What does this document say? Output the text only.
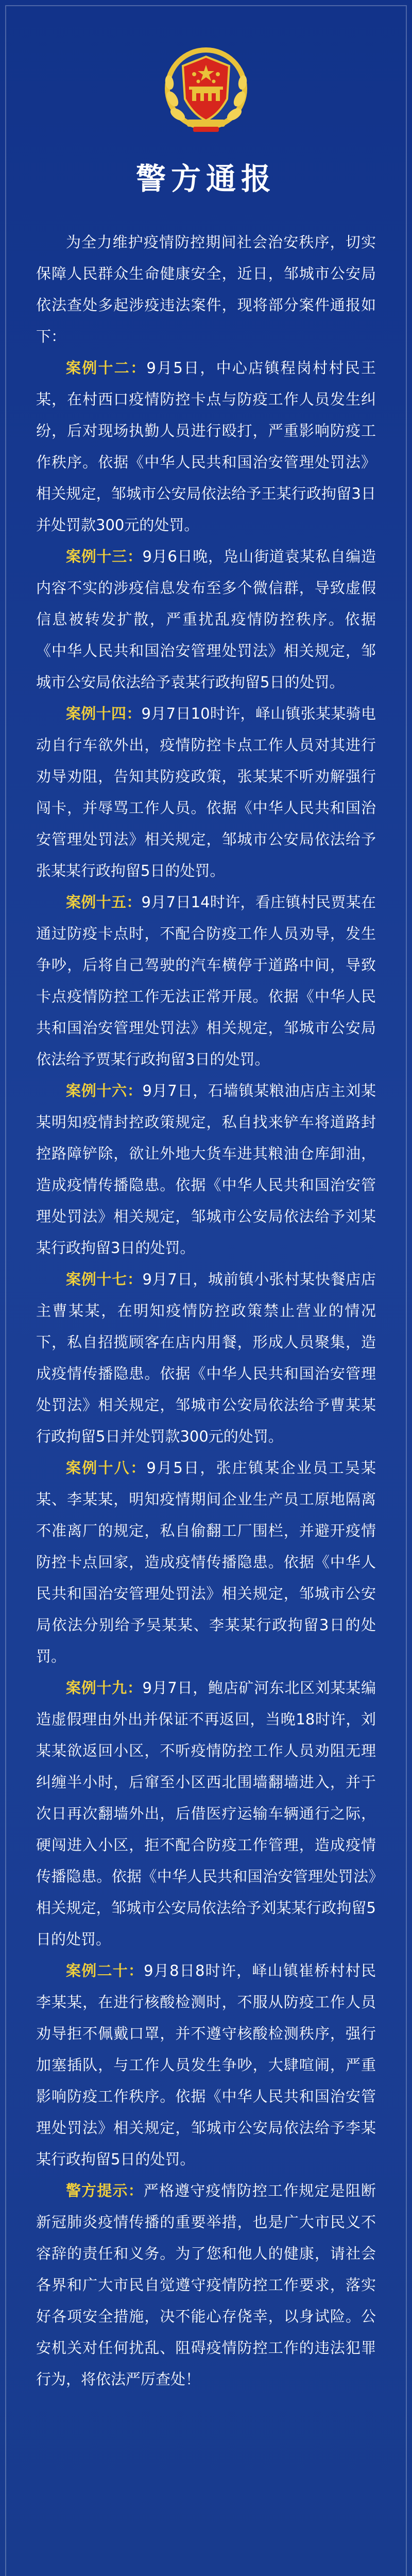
警方通报

为全力维护疫情防控期间社会治安秩序，切实保障人民群众生命健康安全，近日，邹城市公安局依法查处多起涉疫违法案件，现将部分案件通报如下：

案例十二：9月5日，中心店镇程岗村村民王某，在村西口疫情防控卡点与防疫工作人员发生纠纷，后对现场执勤人员进行殴打，严重影响防疫工作秩序。依据《中华人民共和国治安管理处罚法》相关规定，邹城市公安局依法给予王某行政拘留3日并处罚款300元的处罚。

案例十三：9月6日晚，凫山街道袁某私自编造内容不实的涉疫信息发布至多个微信群，导致虚假信息被转发扩散，严重扰乱疫情防控秩序。依据《中华人民共和国治安管理处罚法》相关规定，邹城市公安局依法给予袁某行政拘留5日的处罚。

案例十四：9月7日10时许，峄山镇张某某骑电动自行车欲外出，疫情防控卡点工作人员对其进行劝导劝阻，告知其防疫政策，张某某不听劝解强行闯卡，并辱骂工作人员。依据《中华人民共和国治安管理处罚法》相关规定，邹城市公安局依法给予张某某行政拘留5日的处罚。

案例十五：9月7日14时许，看庄镇村民贾某在通过防疫卡点时，不配合防疫工作人员劝导，发生争吵，后将自己驾驶的汽车横停于道路中间，导致卡点疫情防控工作无法正常开展。依据《中华人民共和国治安管理处罚法》相关规定，邹城市公安局依法给予贾某行政拘留3日的处罚。

案例十六：9月7日，石墙镇某粮油店店主刘某某明知疫情封控政策规定，私自找来铲车将道路封控路障铲除，欲让外地大货车进其粮油仓库卸油，造成疫情传播隐患。依据《中华人民共和国治安管理处罚法》相关规定，邹城市公安局依法给予刘某某行政拘留3日的处罚。

案例十七：9月7日，城前镇小张村某快餐店店主曹某某，在明知疫情防控政策禁止营业的情况下，私自招揽顾客在店内用餐，形成人员聚集，造成疫情传播隐患。依据《中华人民共和国治安管理处罚法》相关规定，邹城市公安局依法给予曹某某行政拘留5日并处罚款300元的处罚。

案例十八：9月5日，张庄镇某企业员工吴某某、李某某，明知疫情期间企业生产员工原地隔离不准离厂的规定，私自偷翻工厂围栏，并避开疫情防控卡点回家，造成疫情传播隐患。依据《中华人民共和国治安管理处罚法》相关规定，邹城市公安局依法分别给予吴某某、李某某行政拘留3日的处罚。

案例十九：9月7日，鲍店矿河东北区刘某某编造虚假理由外出并保证不再返回，当晚18时许，刘某某欲返回小区，不听疫情防控工作人员劝阻无理纠缠半小时，后窜至小区西北围墙翻墙进入，并于次日再次翻墙外出，后借医疗运输车辆通行之际，硬闯进入小区，拒不配合防疫工作管理，造成疫情传播隐患。依据《中华人民共和国治安管理处罚法》相关规定，邹城市公安局依法给予刘某某行政拘留5日的处罚。

案例二十：9月8日8时许，峄山镇崔桥村村民李某某，在进行核酸检测时，不服从防疫工作人员劝导拒不佩戴口罩，并不遵守核酸检测秩序，强行加塞插队，与工作人员发生争吵，大肆喧闹，严重影响防疫工作秩序。依据《中华人民共和国治安管理处罚法》相关规定，邹城市公安局依法给予李某某行政拘留5日的处罚。

警方提示：严格遵守疫情防控工作规定是阻断新冠肺炎疫情传播的重要举措，也是广大市民义不容辞的责任和义务。为了您和他人的健康，请社会各界和广大市民自觉遵守疫情防控工作要求，落实好各项安全措施，决不能心存侥幸，以身试险。公安机关对任何扰乱、阻碍疫情防控工作的违法犯罪行为，将依法严厉查处！
